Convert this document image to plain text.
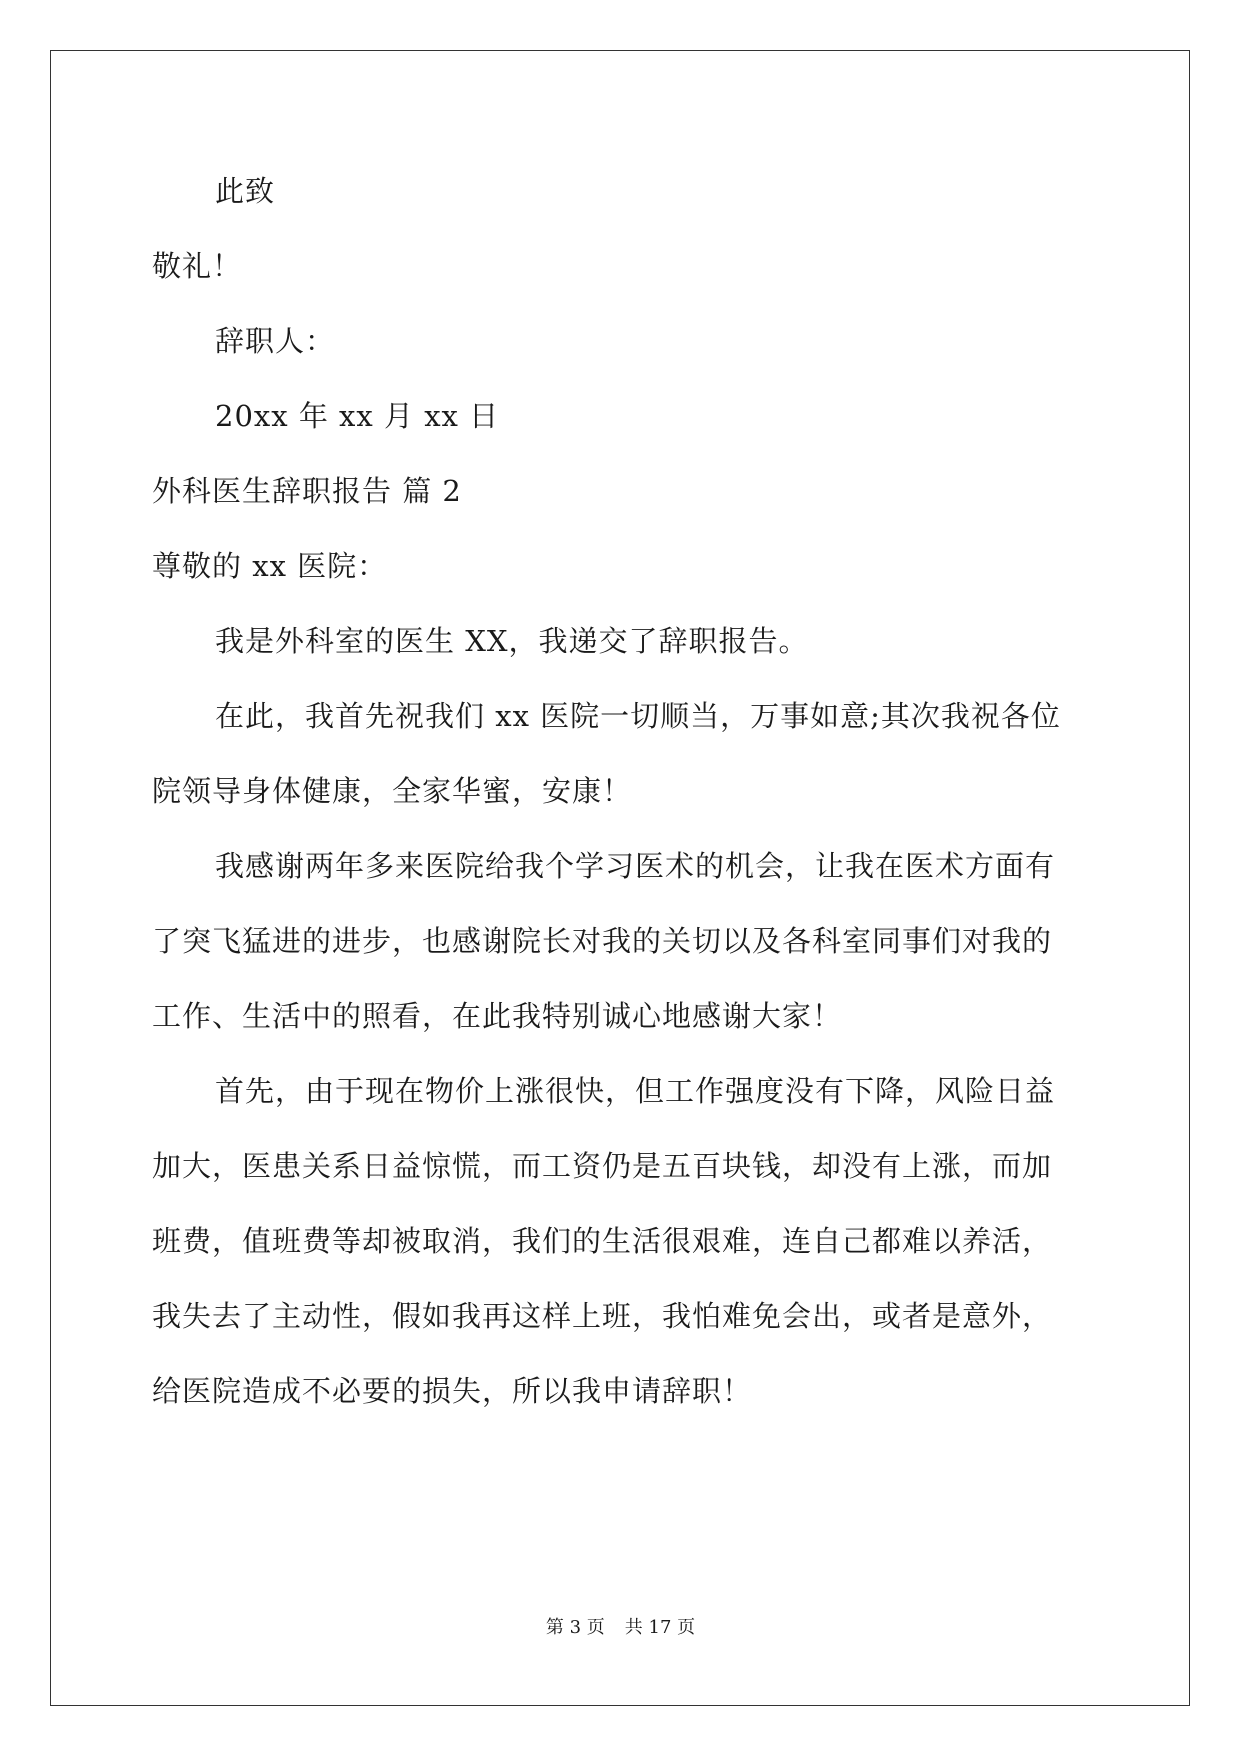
此致
敬礼！
辞职人：
20xx 年 xx 月 xx 日
外科医生辞职报告 篇 2
尊敬的 xx 医院：
我是外科室的医生 XX，我递交了辞职报告。
在此，我首先祝我们 xx 医院一切顺当，万事如意;其次我祝各位
院领导身体健康，全家华蜜，安康！
我感谢两年多来医院给我个学习医术的机会，让我在医术方面有
了突飞猛进的进步，也感谢院长对我的关切以及各科室同事们对我的
工作、生活中的照看，在此我特别诚心地感谢大家！
首先，由于现在物价上涨很快，但工作强度没有下降，风险日益
加大，医患关系日益惊慌，而工资仍是五百块钱，却没有上涨，而加
班费，值班费等却被取消，我们的生活很艰难，连自己都难以养活，
我失去了主动性，假如我再这样上班，我怕难免会出，或者是意外，
给医院造成不必要的损失，所以我申请辞职！
第 3 页 共 17 页
